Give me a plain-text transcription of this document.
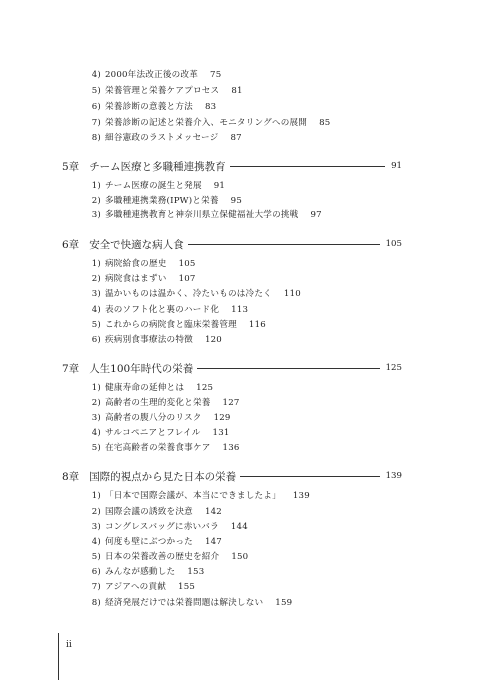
4) 2000年法改正後の改革 75
5) 栄養管理と栄養ケアプロセス 81
6) 栄養診断の意義と方法 83
7) 栄養診断の記述と栄養介入、モニタリングへの展開 85
8) 細谷憲政のラストメッセージ 87
5章 チーム医療と多職種連携教育	91
1) チーム医療の誕生と発展 91
2) 多職種連携業務(IPW)と栄養 95
3) 多職種連携教育と神奈川県立保健福祉大学の挑戦 97
6章 安全で快適な病人食	105
1) 病院給食の歴史 105
2) 病院食はまずい 107
3) 温かいものは温かく、冷たいものは冷たく 110
4) 表のソフト化と裏のハード化 113
5) これからの病院食と臨床栄養管理 116
6) 疾病別食事療法の特徴 120
7章 人生100年時代の栄養	125
1) 健康寿命の延伸とは 125
2) 高齢者の生理的変化と栄養 127
3) 高齢者の腹八分のリスク 129
4) サルコペニアとフレイル 131
5) 在宅高齢者の栄養食事ケア 136
8章 国際的視点から見た日本の栄養	139
1) 「日本で国際会議が、本当にできましたよ」 139
2) 国際会議の誘致を決意 142
3) コングレスバッグに赤いバラ 144
4) 何度も壁にぶつかった 147
5) 日本の栄養改善の歴史を紹介 150
6) みんなが感動した 153
7) アジアへの貢献 155
8) 経済発展だけでは栄養問題は解決しない 159
ii
